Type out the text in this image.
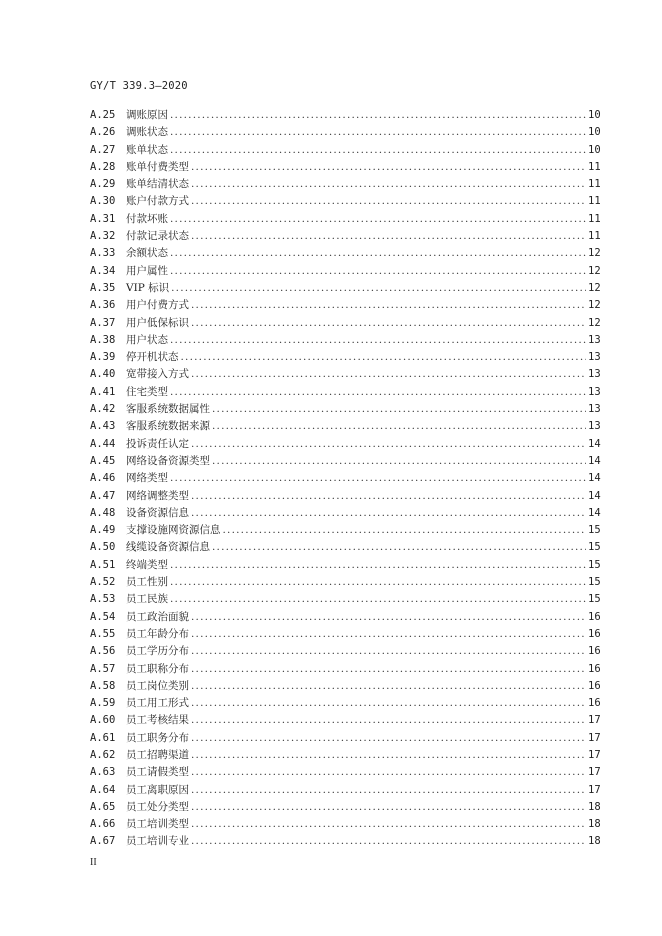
GY/T 339.3—2020
A.25	调账原因 .....	10
A.26	调账状态 .....	10
A.27	账单状态 .....	10
A.28	账单付费类型 .....	11
A.29	账单结清状态 .....	11
A.30	账户付款方式 .....	11
A.31	付款坏账 .....	11
A.32	付款记录状态 .....	11
A.33	余额状态 .....	12
A.34	用户属性 .....	12
A.35	VIP 标识 .....	12
A.36	用户付费方式 .....	12
A.37	用户低保标识 .....	12
A.38	用户状态 .....	13
A.39	停开机状态 .....	13
A.40	宽带接入方式 .....	13
A.41	住宅类型 .....	13
A.42	客服系统数据属性 .....	13
A.43	客服系统数据来源 .....	13
A.44	投诉责任认定 .....	14
A.45	网络设备资源类型 .....	14
A.46	网络类型 .....	14
A.47	网络调整类型 .....	14
A.48	设备资源信息 .....	14
A.49	支撑设施网资源信息 .....	15
A.50	线缆设备资源信息 .....	15
A.51	终端类型 .....	15
A.52	员工性别 .....	15
A.53	员工民族 .....	15
A.54	员工政治面貌 .....	16
A.55	员工年龄分布 .....	16
A.56	员工学历分布 .....	16
A.57	员工职称分布 .....	16
A.58	员工岗位类别 .....	16
A.59	员工用工形式 .....	16
A.60	员工考核结果 .....	17
A.61	员工职务分布 .....	17
A.62	员工招聘渠道 .....	17
A.63	员工请假类型 .....	17
A.64	员工离职原因 .....	17
A.65	员工处分类型 .....	18
A.66	员工培训类型 .....	18
A.67	员工培训专业 .....	18
II
